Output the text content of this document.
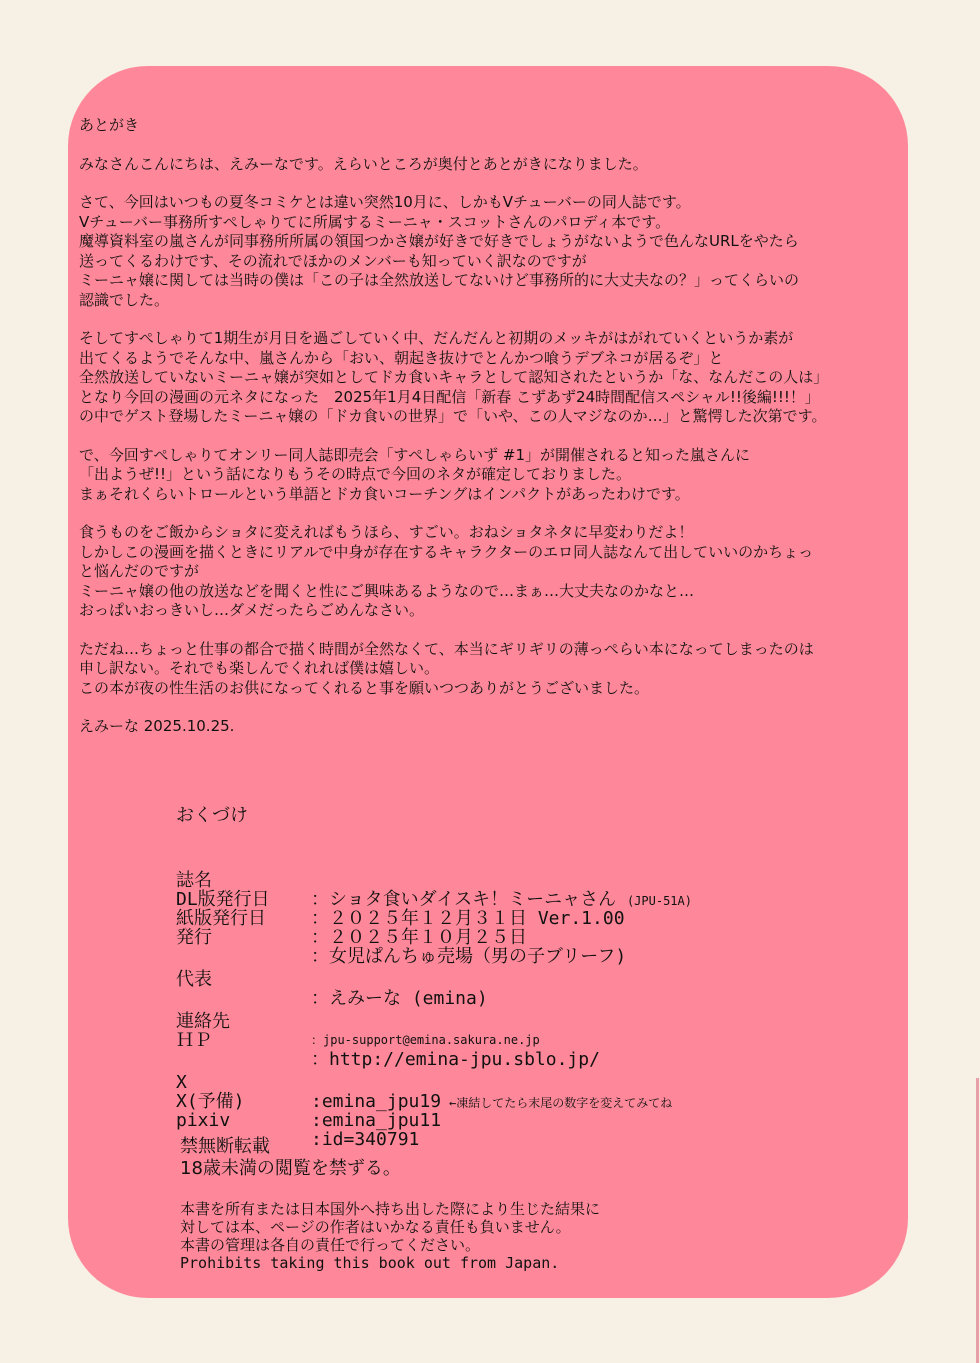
あとがき
みなさんこんにちは、えみーなです。えらいところが奥付とあとがきになりました。
さて、今回はいつもの夏冬コミケとは違い突然10月に、しかもVチューバーの同人誌です。
Vチューバー事務所すぺしゃりてに所属するミーニャ・スコットさんのパロディ本です。
魔導資料室の嵐さんが同事務所所属の領国つかさ嬢が好きで好きでしょうがないようで色んなURLをやたら
送ってくるわけです、その流れでほかのメンバーも知っていく訳なのですが
ミーニャ嬢に関しては当時の僕は「この子は全然放送してないけど事務所的に大丈夫なの？」ってくらいの
認識でした。
そしてすぺしゃりて1期生が月日を過ごしていく中、だんだんと初期のメッキがはがれていくというか素が
出てくるようでそんな中、嵐さんから「おい、朝起き抜けでとんかつ喰うデブネコが居るぞ」と
全然放送していないミーニャ嬢が突如としてドカ食いキャラとして認知されたというか「な、なんだこの人は」
となり今回の漫画の元ネタになった　2025年1月4日配信「新春 こずあず24時間配信スペシャル!!後編!!!！」
の中でゲスト登場したミーニャ嬢の「ドカ食いの世界」で「いや、この人マジなのか…」と驚愕した次第です。
で、今回すぺしゃりてオンリー同人誌即売会「すぺしゃらいず #1」が開催されると知った嵐さんに
「出ようぜ!!」という話になりもうその時点で今回のネタが確定しておりました。
まぁそれくらいトロールという単語とドカ食いコーチングはインパクトがあったわけです。
食うものをご飯からショタに変えればもうほら、すごい。おねショタネタに早変わりだよ！
しかしこの漫画を描くときにリアルで中身が存在するキャラクターのエロ同人誌なんて出していいのかちょっ
と悩んだのですが
ミーニャ嬢の他の放送などを聞くと性にご興味あるようなので…まぁ…大丈夫なのかなと…
おっぱいおっきいし…ダメだったらごめんなさい。
ただね…ちょっと仕事の都合で描く時間が全然なくて、本当にギリギリの薄っぺらい本になってしまったのは
申し訳ない。それでも楽しんでくれれば僕は嬉しい。
この本が夜の性生活のお供になってくれると事を願いつつありがとうございました。
えみーな 2025.10.25.
おくづけ

誌名

：ショタ食いダイスキ！ミーニャさん (JPU-51A)

DL版発行日

：２０２５年１２月３１日 Ver.1.00

紙版発行日

：２０２５年１０月２５日

発行

：女児ぱんちゅ売場（男の子ブリーフ)

代表

：えみーな (emina)

連絡先

：jpu-support@emina.sakura.ne.jp

ＨＰ

：http://emina-jpu.sblo.jp/

X

:emina_jpu19 ←凍結してたら末尾の数字を変えてみてね

X(予備)

:emina_jpu11

pixiv

:id=340791

禁無断転載
18歳未満の閲覧を禁ずる。
本書を所有または日本国外へ持ち出した際により生じた結果に
対しては本、ページの作者はいかなる責任も負いません。
本書の管理は各自の責任で行ってください。
Prohibits taking this book out from Japan.
